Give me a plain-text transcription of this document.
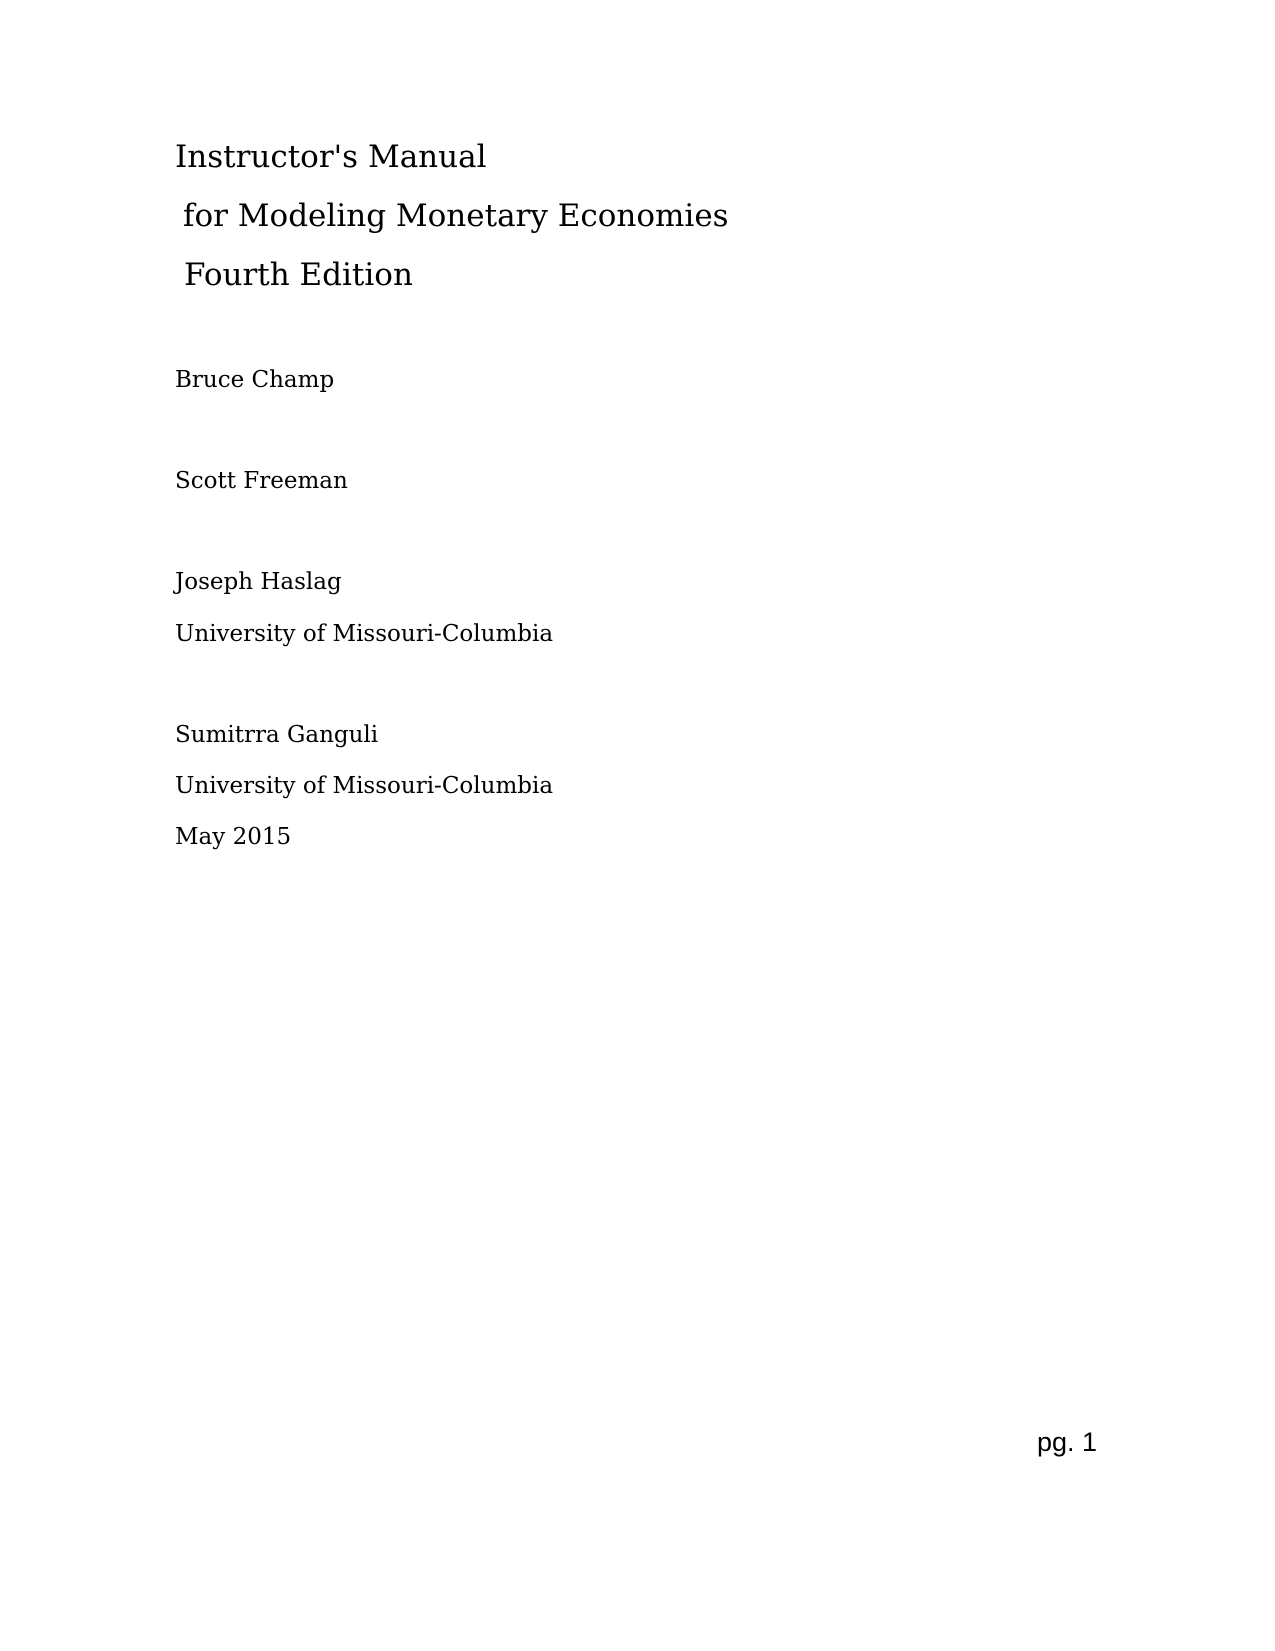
Instructor's Manual
for Modeling Monetary Economies
Fourth Edition
Bruce Champ
Scott Freeman
Joseph Haslag
University of Missouri-Columbia
Sumitrra Ganguli
University of Missouri-Columbia
May 2015
pg. 1
